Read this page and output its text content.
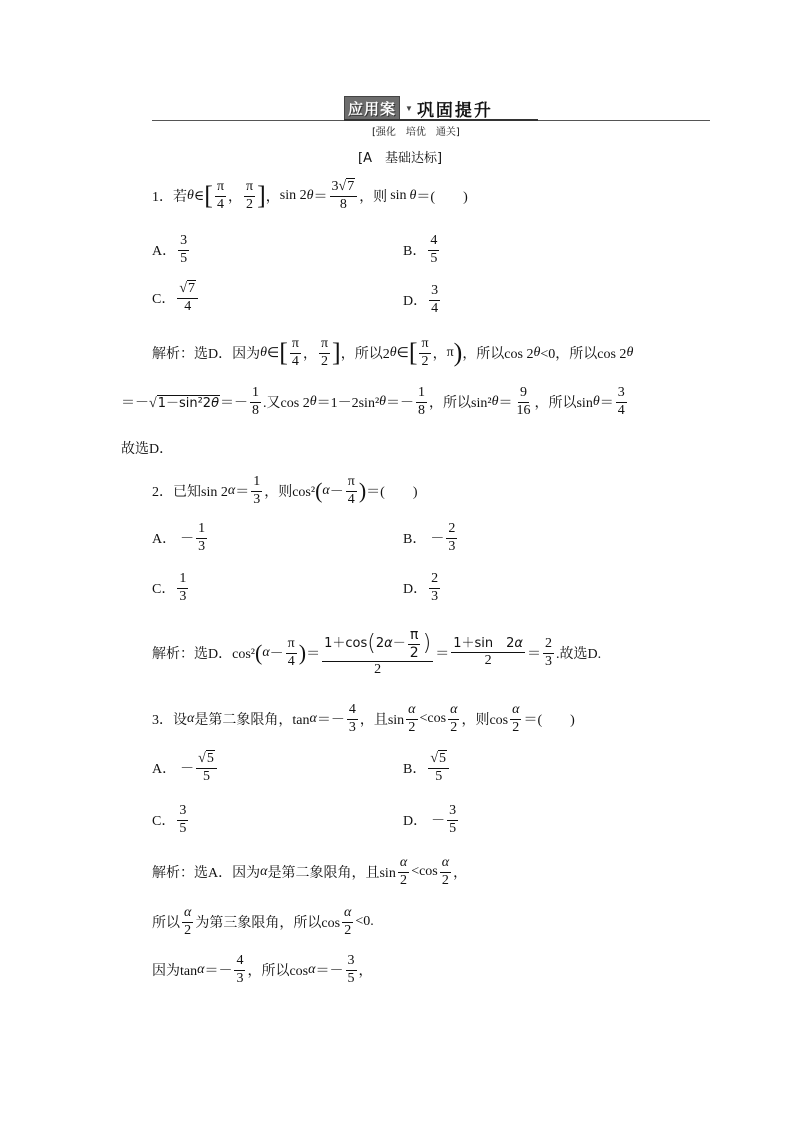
应用案	▼ 巩固提升
[强化　培优　通关]
[A　基础达标]
1． 若 θ ∈ [ $\frac{\pi}{4}$ ， $\frac{\pi}{2}$ ] ， sin 2 $\theta = \frac{3√7}{8}$ ，则 sin θ ＝(　　)
A． $\frac{3}{5}$	B． $\frac{4}{5}$
C． $\frac{√7}{4}$	D． $\frac{3}{4}$
解析：选D．因为 θ ∈ [ $\frac{\pi}{4}$ ， $\frac{\pi}{2}$ ] ，所以2 θ ∈ [ $\frac{\pi}{2}$ ， π ) ，所以cos 2 θ <0，所以cos 2 θ
＝－ $√1-\sin^22\theta =- \frac{1}{8}$ .又cos 2 θ ＝1－2sin² $\theta =- \frac{1}{8}$ ，所以sin² $\theta = \frac{9}{16}$ ，所以$\sin \theta = \frac{3}{4}$
故选D．
2． 已知sin 2 $\alpha = \frac{1}{3}$ ，则cos² ( $\alpha - \frac{\pi}{4}$ ) ＝(　　)
A． － $\frac{1}{3}$	B． － $\frac{2}{3}$
C． $\frac{1}{3}$	D． $\frac{2}{3}$
解析：选D．cos² ( $\alpha - \frac{\pi}{4}$ ) ＝ $\frac{1+\cos ( 2 \alpha - \frac{\pi}{2} )}{2} = \frac{1+\sin 2\alpha}{2} = \frac{2}{3}$ .故选D.
3． 设 α 是第二象限角，$\tan \alpha =- \frac{4}{3}$ ，且$\sin \frac{\alpha}{2} <\cos \frac{\alpha}{2}$ ，则$\cos \frac{\alpha}{2}$ ＝(　　)
A． － $\frac{√5}{5}$	B． $\frac{√5}{5}$
C． $\frac{3}{5}$	D． － $\frac{3}{5}$
解析：选A．因为 α 是第二象限角，且$\sin \frac{\alpha}{2} <\cos \frac{\alpha}{2}$ ，
所以 $\frac{\alpha}{2}$ 为第三象限角，所以$\cos \frac{\alpha}{2} <0$.
因为$\tan \alpha =- \frac{4}{3}$ ，所以$\cos \alpha =- \frac{3}{5}$ ，
